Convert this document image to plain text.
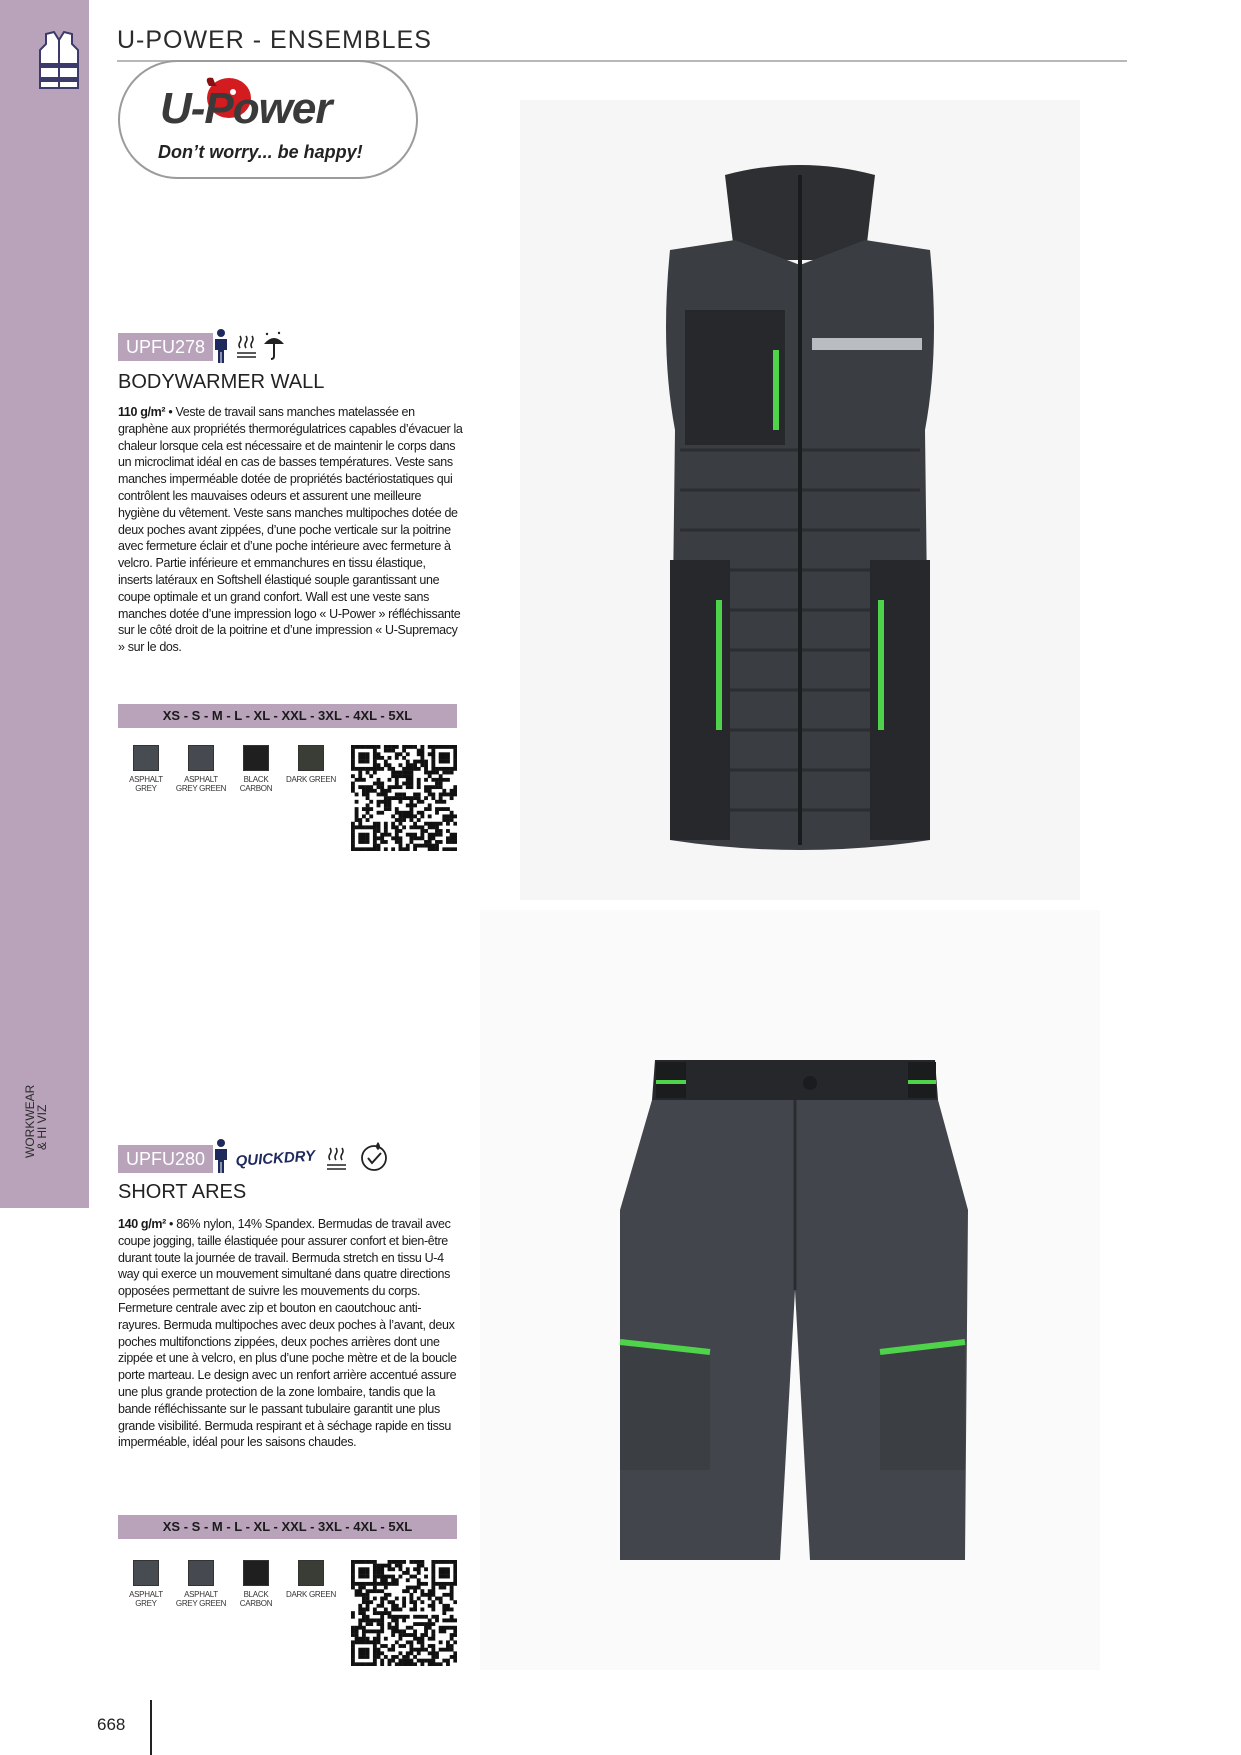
WORKWEAR
& HI VIZ
U-POWER - ENSEMBLES
U-Power
Don’t worry... be happy!
UPFU278
BODYWARMER WALL
110 g/m² • Veste de travail sans manches matelassée en graphène aux propriétés thermorégulatrices capables d’évacuer la chaleur lorsque cela est nécessaire et de maintenir le corps dans un microclimat idéal en cas de basses températures. Veste sans manches imperméable dotée de propriétés bactériostatiques qui contrôlent les mauvaises odeurs et assurent une meilleure hygiène du vêtement. Veste sans manches multipoches dotée de deux poches avant zippées, d’une poche verticale sur la poitrine avec fermeture éclair et d’une poche intérieure avec fermeture à velcro. Partie inférieure et emmanchures en tissu élastique, inserts latéraux en Softshell élastiqué souple garantissant une coupe optimale et un grand confort. Wall est une veste sans manches dotée d’une impression logo « U-Power » réfléchissante sur le côté droit de la poitrine et d’une impression « U-Supremacy » sur le dos.
XS - S - M - L - XL - XXL - 3XL - 4XL - 5XL
ASPHALT GREY
ASPHALT GREY GREEN
BLACK CARBON
DARK GREEN
UPFU280	QUICKDRY
SHORT ARES
140 g/m² • 86% nylon, 14% Spandex. Bermudas de travail avec coupe jogging, taille élastiquée pour assurer confort et bien-être durant toute la journée de travail. Bermuda stretch en tissu U-4 way qui exerce un mouvement simultané dans quatre directions opposées permettant de suivre les mouvements du corps. Fermeture centrale avec zip et bouton en caoutchouc anti-rayures. Bermuda multipoches avec deux poches à l’avant, deux poches multifonctions zippées, deux poches arrières dont une zippée et une à velcro, en plus d’une poche mètre et de la boucle porte marteau. Le design avec un renfort arrière accentué assure une plus grande protection de la zone lombaire, tandis que la bande réfléchissante sur le passant tubulaire garantit une plus grande visibilité. Bermuda respirant et à séchage rapide en tissu imperméable, idéal pour les saisons chaudes.
XS - S - M - L - XL - XXL - 3XL - 4XL - 5XL
ASPHALT GREY
ASPHALT GREY GREEN
BLACK CARBON
DARK GREEN
668
